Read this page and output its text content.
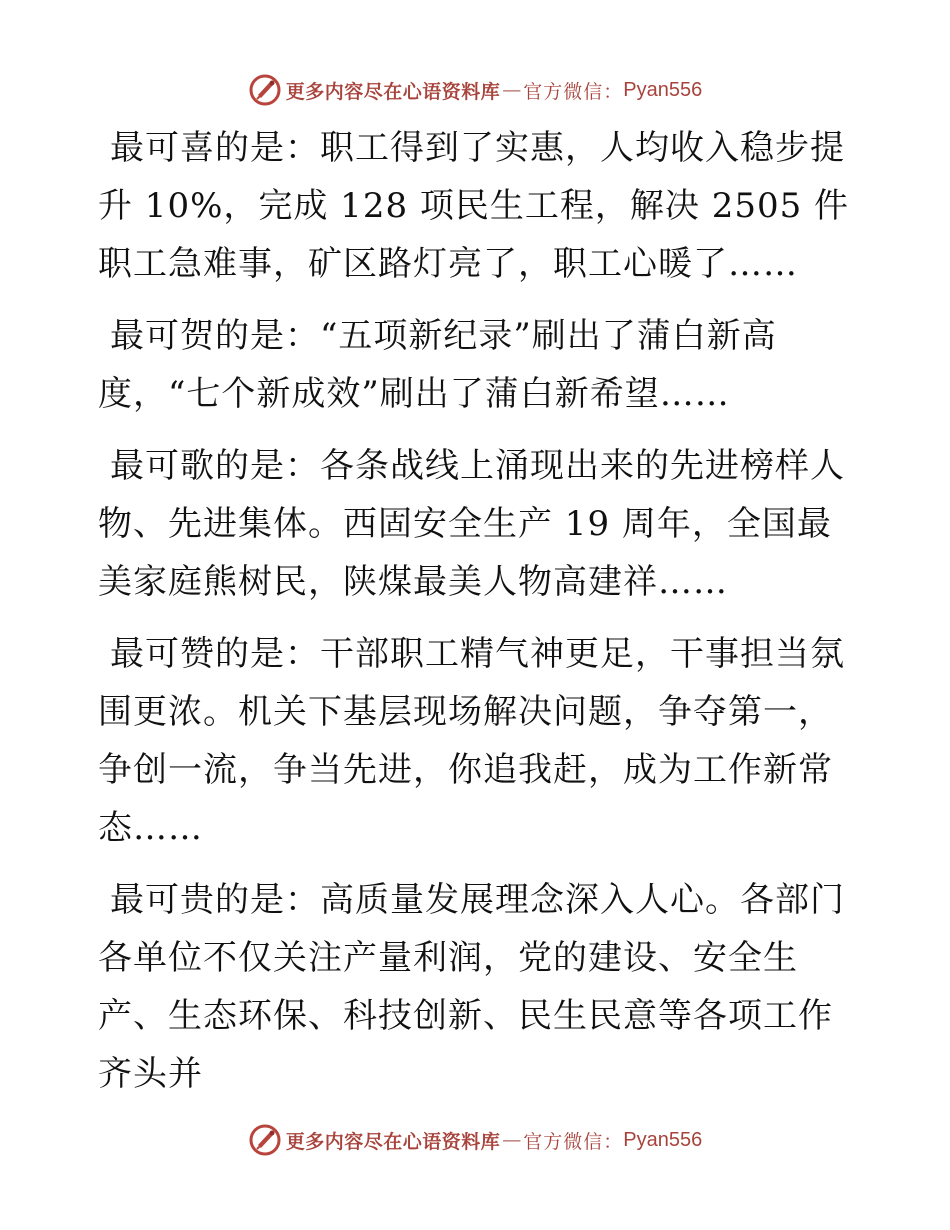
更多内容尽在心语资料库 — 官方微信： Pyan556

最可喜的是：职工得到了实惠，人均收入稳步提升 10%，完成 128 项民生工程，解决 2505 件职工急难事，矿区路灯亮了，职工心暖了……

最可贺的是：“五项新纪录”刷出了蒲白新高度，“七个新成效”刷出了蒲白新希望……

最可歌的是：各条战线上涌现出来的先进榜样人物、先进集体。西固安全生产 19 周年，全国最美家庭熊树民，陕煤最美人物高建祥……

最可赞的是：干部职工精气神更足，干事担当氛围更浓。机关下基层现场解决问题，争夺第一，争创一流，争当先进，你追我赶，成为工作新常态……

最可贵的是：高质量发展理念深入人心。各部门各单位不仅关注产量利润，党的建设、安全生产、生态环保、科技创新、民生民意等各项工作齐头并

更多内容尽在心语资料库 — 官方微信： Pyan556
